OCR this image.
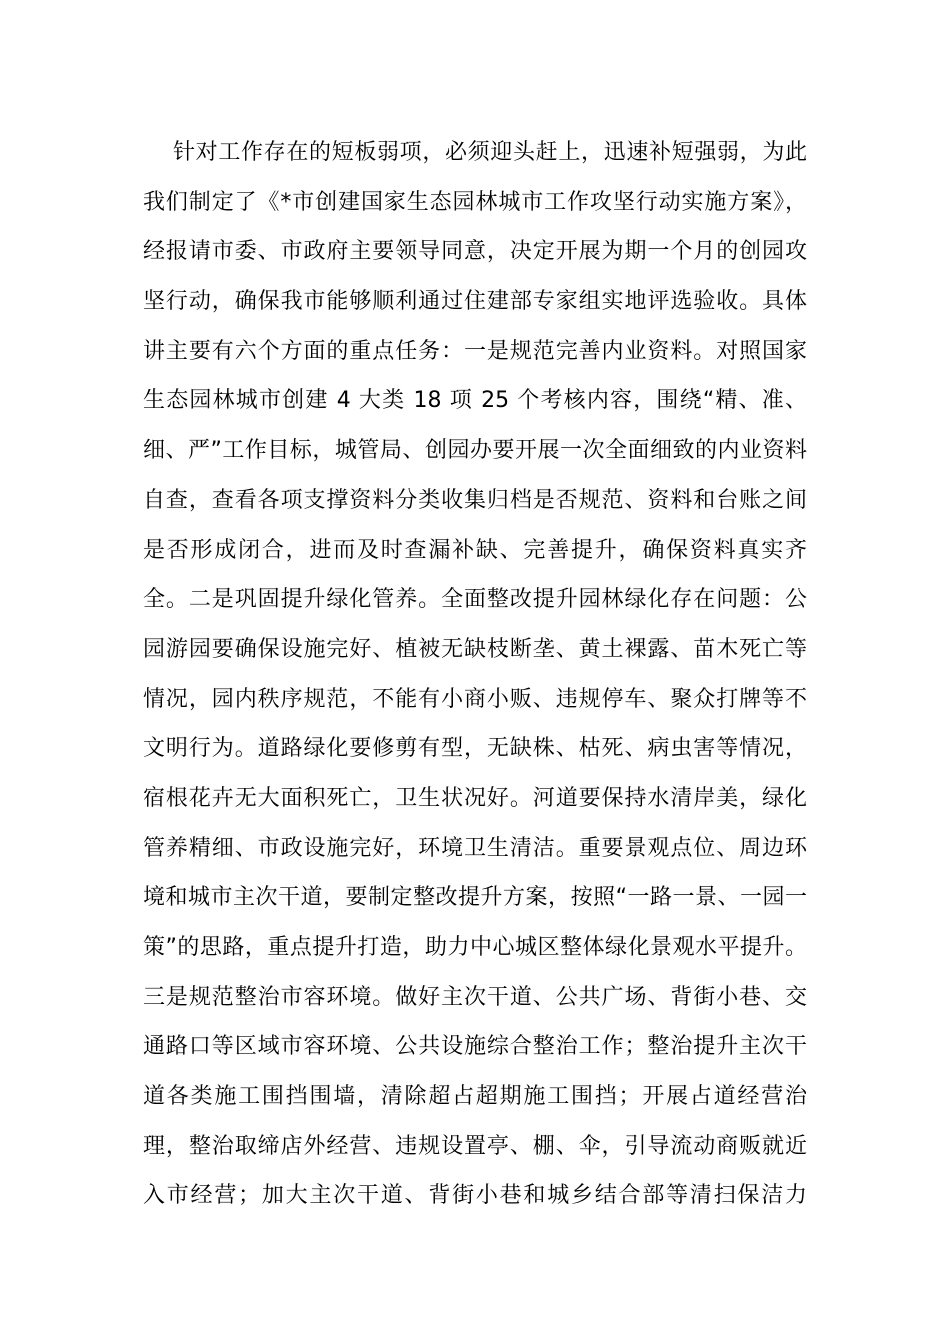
针对工作存在的短板弱项，必须迎头赶上，迅速补短强弱，为此
我们制定了《*市创建国家生态园林城市工作攻坚行动实施方案》，
经报请市委、市政府主要领导同意，决定开展为期一个月的创园攻
坚行动，确保我市能够顺利通过住建部专家组实地评选验收。具体
讲主要有六个方面的重点任务：一是规范完善内业资料。对照国家
生态园林城市创建 4 大类 18 项 25 个考核内容，围绕“精、准、
细、严”工作目标，城管局、创园办要开展一次全面细致的内业资料
自查，查看各项支撑资料分类收集归档是否规范、资料和台账之间
是否形成闭合，进而及时查漏补缺、完善提升，确保资料真实齐
全。二是巩固提升绿化管养。全面整改提升园林绿化存在问题：公
园游园要确保设施完好、植被无缺枝断垄、黄土裸露、苗木死亡等
情况，园内秩序规范，不能有小商小贩、违规停车、聚众打牌等不
文明行为。道路绿化要修剪有型，无缺株、枯死、病虫害等情况，
宿根花卉无大面积死亡，卫生状况好。河道要保持水清岸美，绿化
管养精细、市政设施完好，环境卫生清洁。重要景观点位、周边环
境和城市主次干道，要制定整改提升方案，按照“一路一景、一园一
策”的思路，重点提升打造，助力中心城区整体绿化景观水平提升。
三是规范整治市容环境。做好主次干道、公共广场、背街小巷、交
通路口等区域市容环境、公共设施综合整治工作；整治提升主次干
道各类施工围挡围墙，清除超占超期施工围挡；开展占道经营治
理，整治取缔店外经营、违规设置亭、棚、伞，引导流动商贩就近
入市经营；加大主次干道、背街小巷和城乡结合部等清扫保洁力
